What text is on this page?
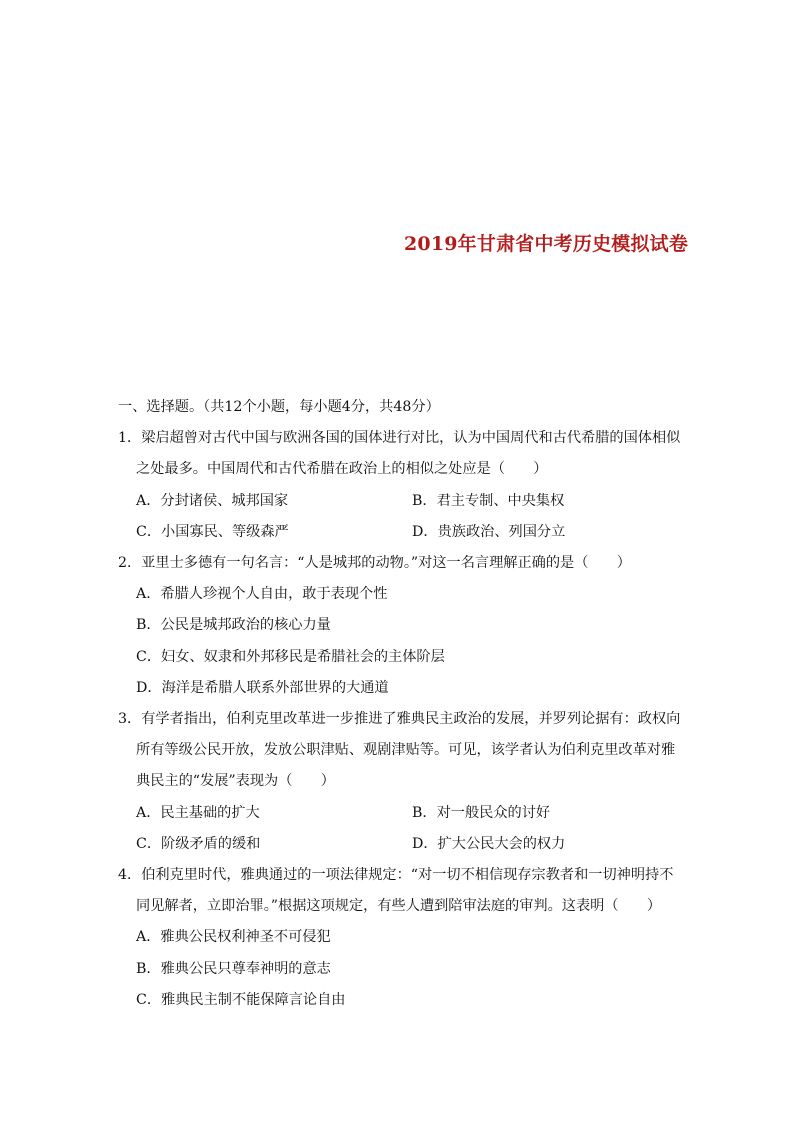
2019年甘肃省中考历史模拟试卷
一、选择题。（共12个小题，每小题4分，共48分）
1．梁启超曾对古代中国与欧洲各国的国体进行对比，认为中国周代和古代希腊的国体相似
之处最多。中国周代和古代希腊在政治上的相似之处应是（　　）
A．分封诸侯、城邦国家	B．君主专制、中央集权
C．小国寡民、等级森严	D．贵族政治、列国分立
2．亚里士多德有一句名言：“人是城邦的动物。”对这一名言理解正确的是（　　）
A．希腊人珍视个人自由，敢于表现个性
B．公民是城邦政治的核心力量
C．妇女、奴隶和外邦移民是希腊社会的主体阶层
D．海洋是希腊人联系外部世界的大通道
3．有学者指出，伯利克里改革进一步推进了雅典民主政治的发展，并罗列论据有：政权向
所有等级公民开放，发放公职津贴、观剧津贴等。可见，该学者认为伯利克里改革对雅
典民主的“发展”表现为（　　）
A．民主基础的扩大	B．对一般民众的讨好
C．阶级矛盾的缓和	D．扩大公民大会的权力
4．伯利克里时代，雅典通过的一项法律规定：“对一切不相信现存宗教者和一切神明持不
同见解者，立即治罪。”根据这项规定，有些人遭到陪审法庭的审判。这表明（　　）
A．雅典公民权利神圣不可侵犯
B．雅典公民只尊奉神明的意志
C．雅典民主制不能保障言论自由
